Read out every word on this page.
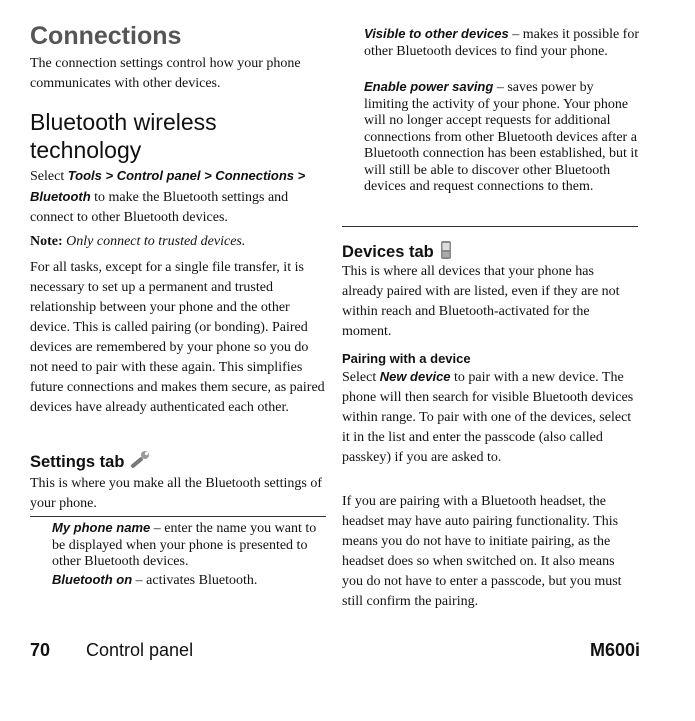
Connections

The connection settings control how your phone communicates with other devices.

Bluetooth wireless technology

Select Tools > Control panel > Connections > Bluetooth to make the Bluetooth settings and connect to other Bluetooth devices.

Note: Only connect to trusted devices.

For all tasks, except for a single file transfer, it is necessary to set up a permanent and trusted relationship between your phone and the other device. This is called pairing (or bonding). Paired devices are remembered by your phone so you do not need to pair with these again. This simplifies future connections and makes them secure, as paired devices have already authenticated each other.

Settings tab

This is where you make all the Bluetooth settings of your phone.

My phone name – enter the name you want to be displayed when your phone is presented to other Bluetooth devices.

Bluetooth on – activates Bluetooth.

Visible to other devices – makes it possible for other Bluetooth devices to find your phone.

Enable power saving – saves power by limiting the activity of your phone. Your phone will no longer accept requests for additional connections from other Bluetooth devices after a Bluetooth connection has been established, but it will still be able to discover other Bluetooth devices and request connections to them.

Devices tab

This is where all devices that your phone has already paired with are listed, even if they are not within reach and Bluetooth-activated for the moment.

Pairing with a device

Select New device to pair with a new device. The phone will then search for visible Bluetooth devices within range. To pair with one of the devices, select it in the list and enter the passcode (also called passkey) if you are asked to.

If you are pairing with a Bluetooth headset, the headset may have auto pairing functionality. This means you do not have to initiate pairing, as the headset does so when switched on. It also means you do not have to enter a passcode, but you must still confirm the pairing.

70 Control panel	M600i
